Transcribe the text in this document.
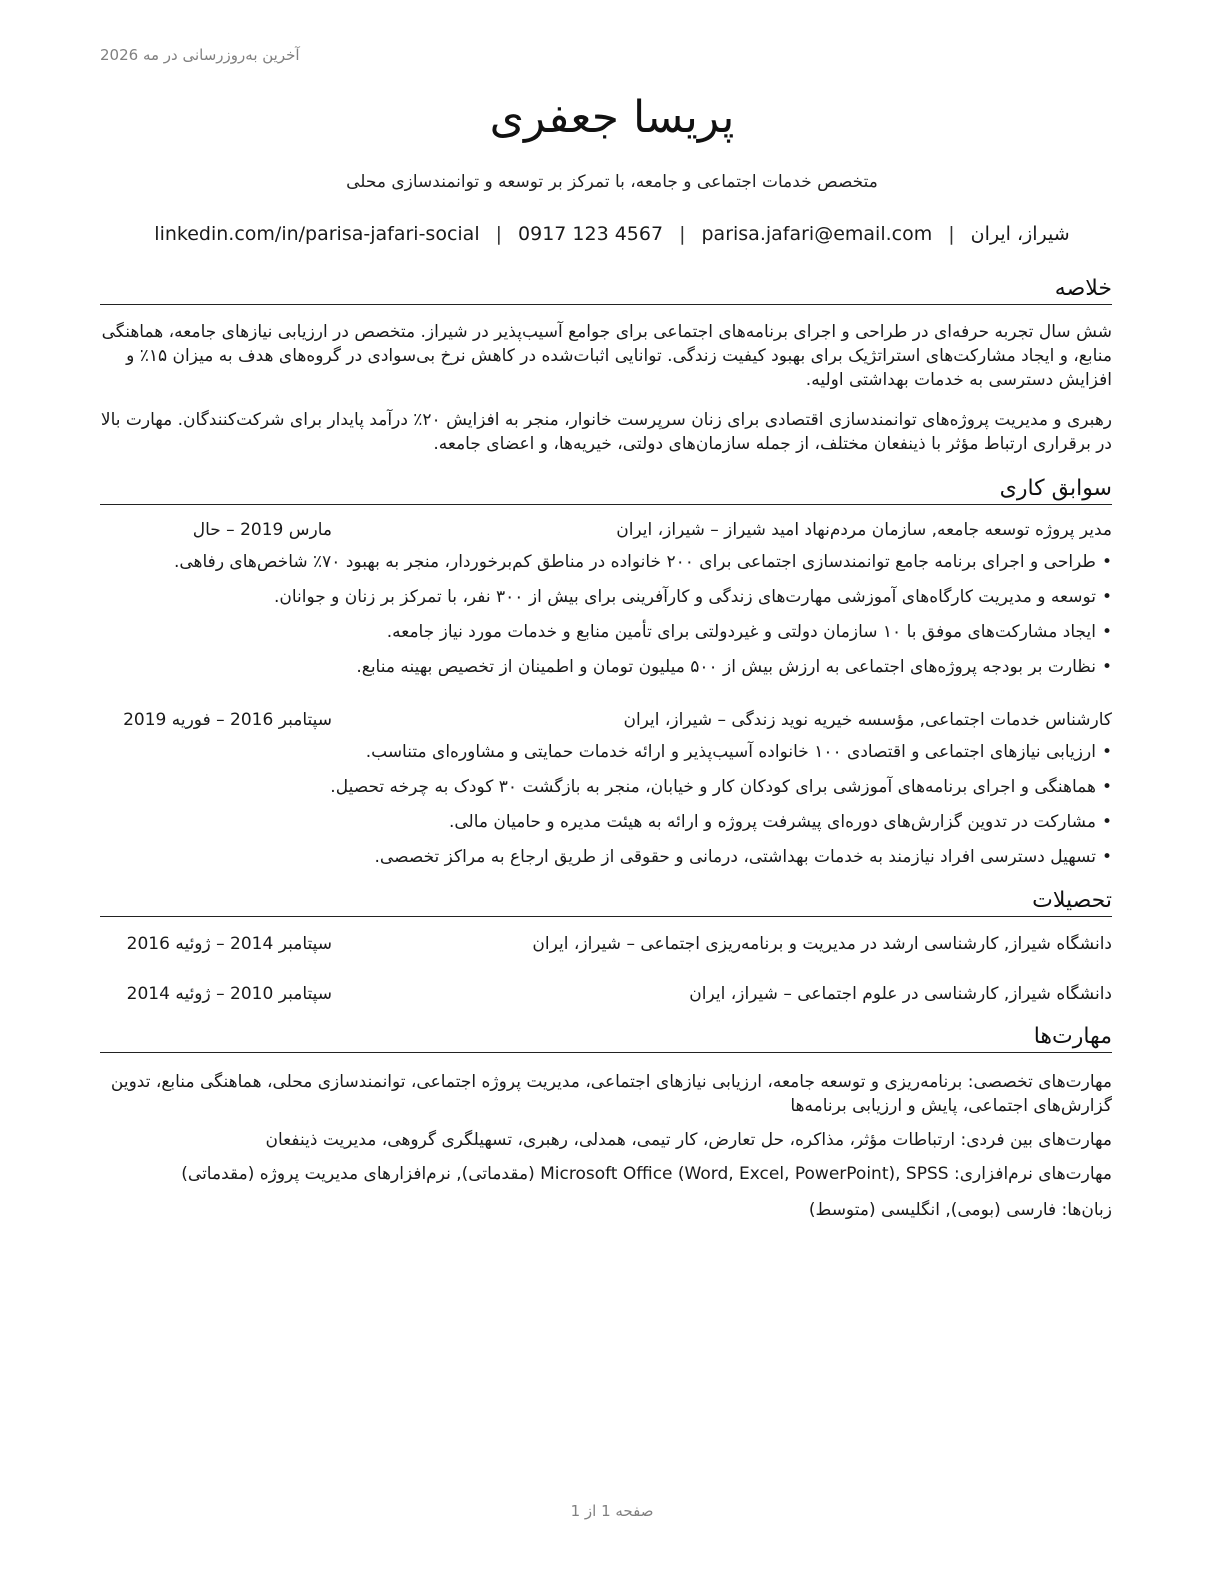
آخرین به‌روزرسانی در مه 2026
پریسا جعفری
متخصص خدمات اجتماعی و جامعه، با تمرکز بر توسعه و توانمندسازی محلی
شیراز، ایران|parisa.jafari@email.com|0917 123 4567|linkedin.com/in/parisa-jafari-social
خلاصه

شش سال تجربه حرفه‌ای در طراحی و اجرای برنامه‌های اجتماعی برای جوامع آسیب‌پذیر در شیراز. متخصص در ارزیابی نیازهای جامعه، هماهنگی منابع، و ایجاد مشارکت‌های استراتژیک برای بهبود کیفیت زندگی. توانایی اثبات‌شده در کاهش نرخ بی‌سوادی در گروه‌های هدف به میزان ۱۵٪ و افزایش دسترسی به خدمات بهداشتی اولیه.

رهبری و مدیریت پروژه‌های توانمندسازی اقتصادی برای زنان سرپرست خانوار، منجر به افزایش ۲۰٪ درآمد پایدار برای شرکت‌کنندگان. مهارت بالا در برقراری ارتباط مؤثر با ذینفعان مختلف، از جمله سازمان‌های دولتی، خیریه‌ها، و اعضای جامعه.

سوابق کاری
مدیر پروژه توسعه جامعه, سازمان مردم‌نهاد امید شیراز – شیراز، ایران
مارس 2019 – حال
•طراحی و اجرای برنامه جامع توانمندسازی اجتماعی برای ۲۰۰ خانواده در مناطق کم‌برخوردار، منجر به بهبود ۷۰٪ شاخص‌های رفاهی.
•توسعه و مدیریت کارگاه‌های آموزشی مهارت‌های زندگی و کارآفرینی برای بیش از ۳۰۰ نفر، با تمرکز بر زنان و جوانان.
•ایجاد مشارکت‌های موفق با ۱۰ سازمان دولتی و غیردولتی برای تأمین منابع و خدمات مورد نیاز جامعه.
•نظارت بر بودجه پروژه‌های اجتماعی به ارزش بیش از ۵۰۰ میلیون تومان و اطمینان از تخصیص بهینه منابع.
کارشناس خدمات اجتماعی, مؤسسه خیریه نوید زندگی – شیراز، ایران
سپتامبر 2016 – فوریه 2019
•ارزیابی نیازهای اجتماعی و اقتصادی ۱۰۰ خانواده آسیب‌پذیر و ارائه خدمات حمایتی و مشاوره‌ای متناسب.
•هماهنگی و اجرای برنامه‌های آموزشی برای کودکان کار و خیابان، منجر به بازگشت ۳۰ کودک به چرخه تحصیل.
•مشارکت در تدوین گزارش‌های دوره‌ای پیشرفت پروژه و ارائه به هیئت مدیره و حامیان مالی.
•تسهیل دسترسی افراد نیازمند به خدمات بهداشتی، درمانی و حقوقی از طریق ارجاع به مراکز تخصصی.
تحصیلات
دانشگاه شیراز, کارشناسی ارشد در مدیریت و برنامه‌ریزی اجتماعی – شیراز، ایران
سپتامبر 2014 – ژوئیه 2016
دانشگاه شیراز, کارشناسی در علوم اجتماعی – شیراز، ایران
سپتامبر 2010 – ژوئیه 2014
مهارت‌ها

مهارت‌های تخصصی: برنامه‌ریزی و توسعه جامعه، ارزیابی نیازهای اجتماعی، مدیریت پروژه اجتماعی، توانمندسازی محلی، هماهنگی منابع، تدوین گزارش‌های اجتماعی، پایش و ارزیابی برنامه‌ها

مهارت‌های بین فردی: ارتباطات مؤثر، مذاکره، حل تعارض، کار تیمی، همدلی، رهبری، تسهیلگری گروهی، مدیریت ذینفعان

مهارت‌های نرم‌افزاری: Microsoft Office (Word, Excel, PowerPoint), SPSS (مقدماتی), نرم‌افزارهای مدیریت پروژه (مقدماتی)

زبان‌ها: فارسی (بومی), انگلیسی (متوسط)

صفحه 1 از 1
